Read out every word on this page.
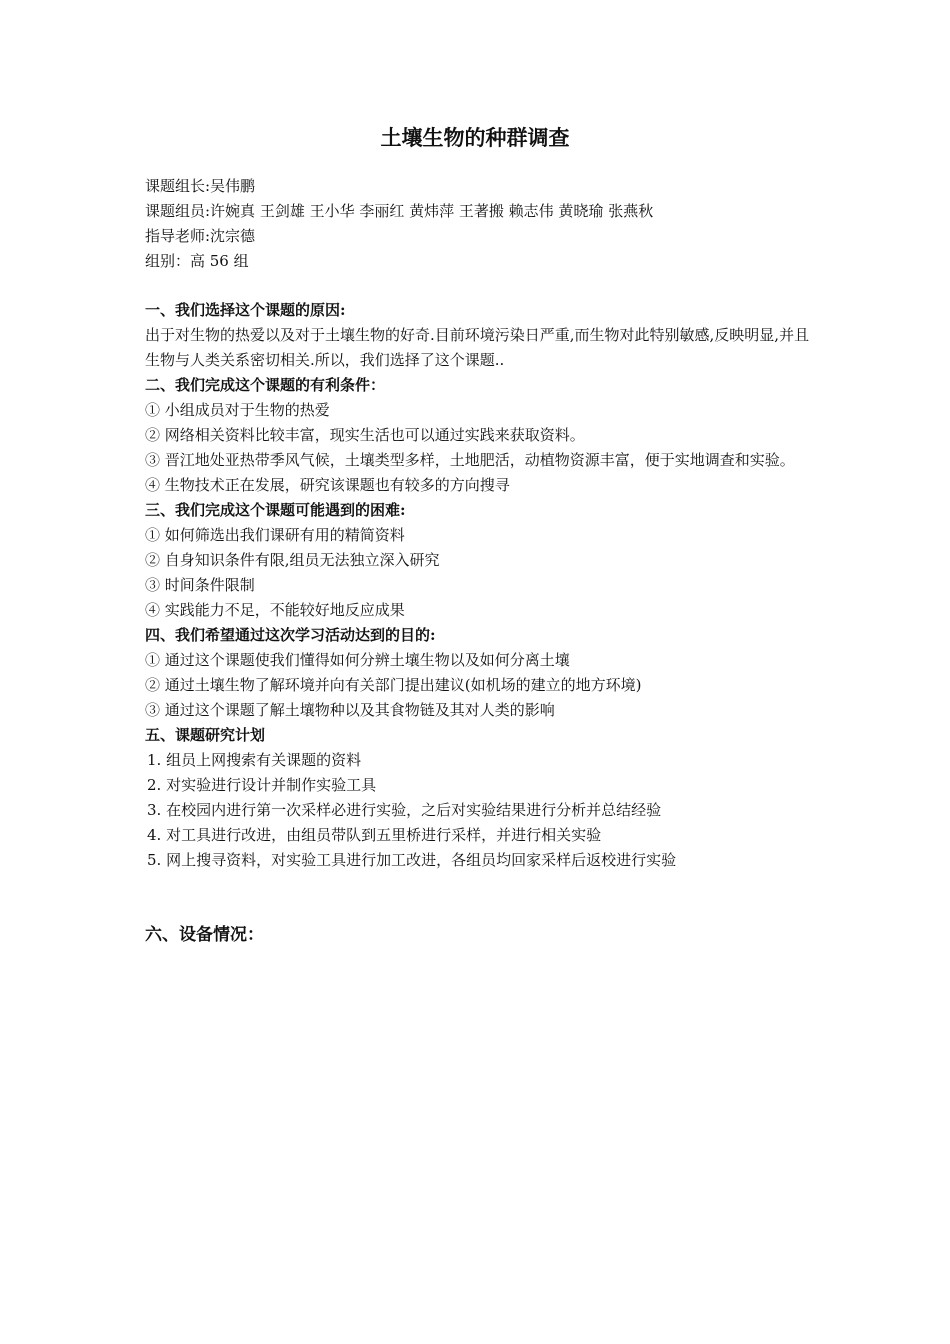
土壤生物的种群调查
课题组长:吴伟鹏
课题组员:许婉真 王剑雄 王小华 李丽红 黄炜萍 王著搬 赖志伟 黄晓瑜 张燕秋
指导老师:沈宗德
组别：高 56 组
一、我们选择这个课题的原因:
出于对生物的热爱以及对于土壤生物的好奇.目前环境污染日严重,而生物对此特别敏感,反映明显,并且生物与人类关系密切相关.所以，我们选择了这个课题..
二、我们完成这个课题的有利条件：
① 小组成员对于生物的热爱
② 网络相关资料比较丰富，现实生活也可以通过实践来获取资料。
③ 晋江地处亚热带季风气候，土壤类型多样，土地肥活，动植物资源丰富，便于实地调查和实验。
④ 生物技术正在发展，研究该课题也有较多的方向搜寻
三、我们完成这个课题可能遇到的困难:
① 如何筛选出我们课研有用的精简资料
② 自身知识条件有限,组员无法独立深入研究
③ 时间条件限制
④ 实践能力不足，不能较好地反应成果
四、我们希望通过这次学习活动达到的目的:
① 通过这个课题使我们懂得如何分辨土壤生物以及如何分离土壤
② 通过土壤生物了解环境并向有关部门提出建议(如机场的建立的地方环境)
③ 通过这个课题了解土壤物种以及其食物链及其对人类的影响
五、课题研究计划
1. 组员上网搜索有关课题的资料
2. 对实验进行设计并制作实验工具
3. 在校园内进行第一次采样必进行实验，之后对实验结果进行分析并总结经验
4. 对工具进行改进，由组员带队到五里桥进行采样，并进行相关实验
5. 网上搜寻资料，对实验工具进行加工改进，各组员均回家采样后返校进行实验
六、设备情况：
